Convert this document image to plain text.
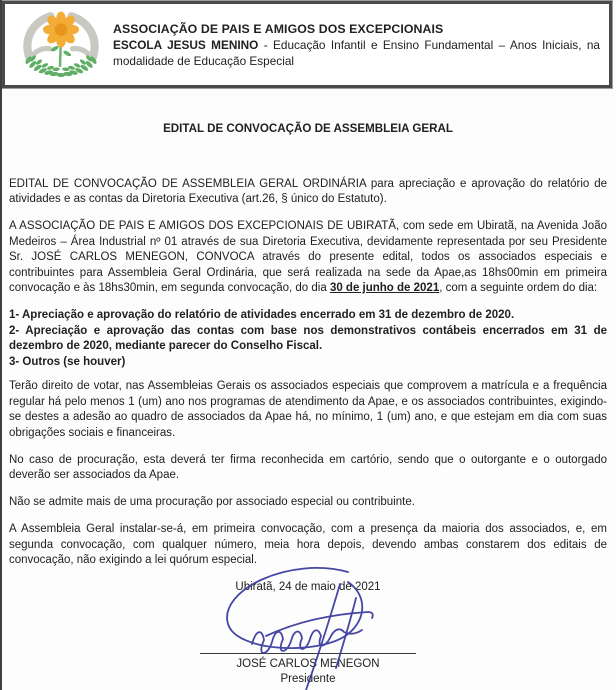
ASSOCIAÇÃO DE PAIS E AMIGOS DOS EXCEPCIONAIS
ESCOLA JESUS MENINO - Educação Infantil e Ensino Fundamental – Anos Iniciais, na modalidade de Educação Especial
EDITAL DE CONVOCAÇÃO DE ASSEMBLEIA GERAL

EDITAL DE CONVOCAÇÃO DE ASSEMBLEIA GERAL ORDINÁRIA para apreciação e aprovação do relatório de atividades e as contas da Diretoria Executiva (art.26, § único do Estatuto).

A ASSOCIAÇÃO DE PAIS E AMIGOS DOS EXCEPCIONAIS DE UBIRATÃ, com sede em Ubiratã, na Avenida João Medeiros – Área Industrial nº 01 através de sua Diretoria Executiva, devidamente representada por seu Presidente Sr. JOSÉ CARLOS MENEGON, CONVOCA através do presente edital, todos os associados especiais e contribuintes para Assembleia Geral Ordinária, que será realizada na sede da Apae,as 18hs00min em primeira convocação e às 18hs30min, em segunda convocação, do dia 30 de junho de 2021, com a seguinte ordem do dia:

1- Apreciação e aprovação do relatório de atividades encerrado em 31 de dezembro de 2020.
2- Apreciação e aprovação das contas com base nos demonstrativos contábeis encerrados em 31 de dezembro de 2020, mediante parecer do Conselho Fiscal.
3- Outros (se houver)

Terão direito de votar, nas Assembleias Gerais os associados especiais que comprovem a matrícula e a frequência regular há pelo menos 1 (um) ano nos programas de atendimento da Apae, e os associados contribuintes, exigindo-se destes a adesão ao quadro de associados da Apae há, no mínimo, 1 (um) ano, e que estejam em dia com suas obrigações sociais e financeiras.

No caso de procuração, esta deverá ter firma reconhecida em cartório, sendo que o outorgante e o outorgado deverão ser associados da Apae.

Não se admite mais de uma procuração por associado especial ou contribuinte.

A Assembleia Geral instalar-se-á, em primeira convocação, com a presença da maioria dos associados, e, em segunda convocação, com qualquer número, meia hora depois, devendo ambas constarem dos editais de convocação, não exigindo a lei quórum especial.

Ubiratã, 24 de maio de 2021
JOSÉ CARLOS MENEGON
Presidente
